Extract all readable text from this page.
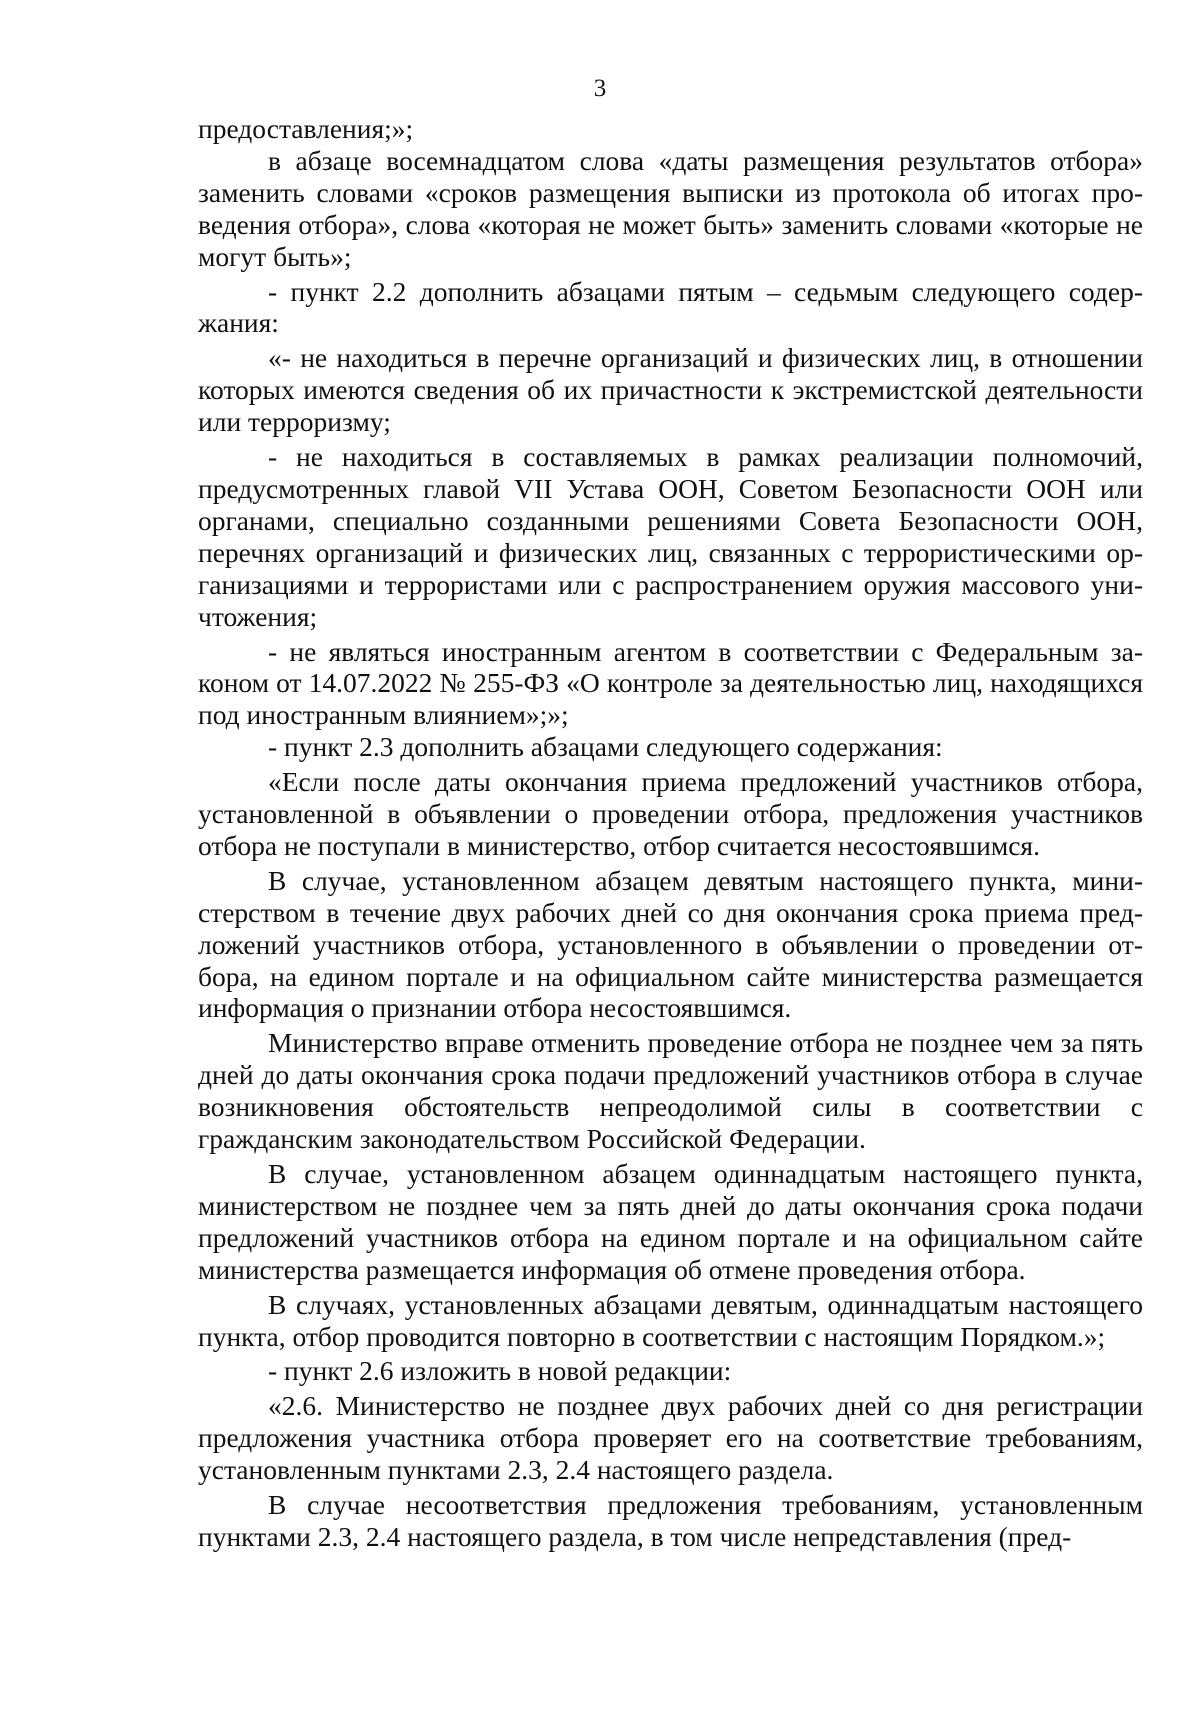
3

предоставления;»;

в абзаце восемнадцатом слова «даты размещения результатов отбора» заменить словами «сроков размещения выписки из протокола об итогах проведения отбора», слова «которая не может быть» заменить словами «которые не могут быть»;

- пункт 2.2 дополнить абзацами пятым – седьмым следующего содержания:

«- не находиться в перечне организаций и физических лиц, в отношении которых имеются сведения об их причастности к экстремистской деятельности или терроризму;

- не находиться в составляемых в рамках реализации полномочий, предусмотренных главой VII Устава ООН, Советом Безопасности ООН или органами, специально созданными решениями Совета Безопасности ООН, перечнях организаций и физических лиц, связанных с террористическими организациями и террористами или с распространением оружия массового уничтожения;

- не являться иностранным агентом в соответствии с Федеральным законом от 14.07.2022 № 255-ФЗ «О контроле за деятельностью лиц, находящихся под иностранным влиянием»;»;

- пункт 2.3 дополнить абзацами следующего содержания:

«Если после даты окончания приема предложений участников отбора, установленной в объявлении о проведении отбора, предложения участников отбора не поступали в министерство, отбор считается несостоявшимся.

В случае, установленном абзацем девятым настоящего пункта, министерством в течение двух рабочих дней со дня окончания срока приема предложений участников отбора, установленного в объявлении о проведении отбора, на едином портале и на официальном сайте министерства размещается информация о признании отбора несостоявшимся.

Министерство вправе отменить проведение отбора не позднее чем за пять дней до даты окончания срока подачи предложений участников отбора в случае возникновения обстоятельств непреодолимой силы в соответствии с гражданским законодательством Российской Федерации.

В случае, установленном абзацем одиннадцатым настоящего пункта, министерством не позднее чем за пять дней до даты окончания срока подачи предложений участников отбора на едином портале и на официальном сайте министерства размещается информация об отмене проведения отбора.

В случаях, установленных абзацами девятым, одиннадцатым настоящего пункта, отбор проводится повторно в соответствии с настоящим Порядком.»;

- пункт 2.6 изложить в новой редакции:

«2.6. Министерство не позднее двух рабочих дней со дня регистрации предложения участника отбора проверяет его на соответствие требованиям, установленным пунктами 2.3, 2.4 настоящего раздела.

В случае несоответствия предложения требованиям, установленным пунктами 2.3, 2.4 настоящего раздела, в том числе непредставления (пред-
